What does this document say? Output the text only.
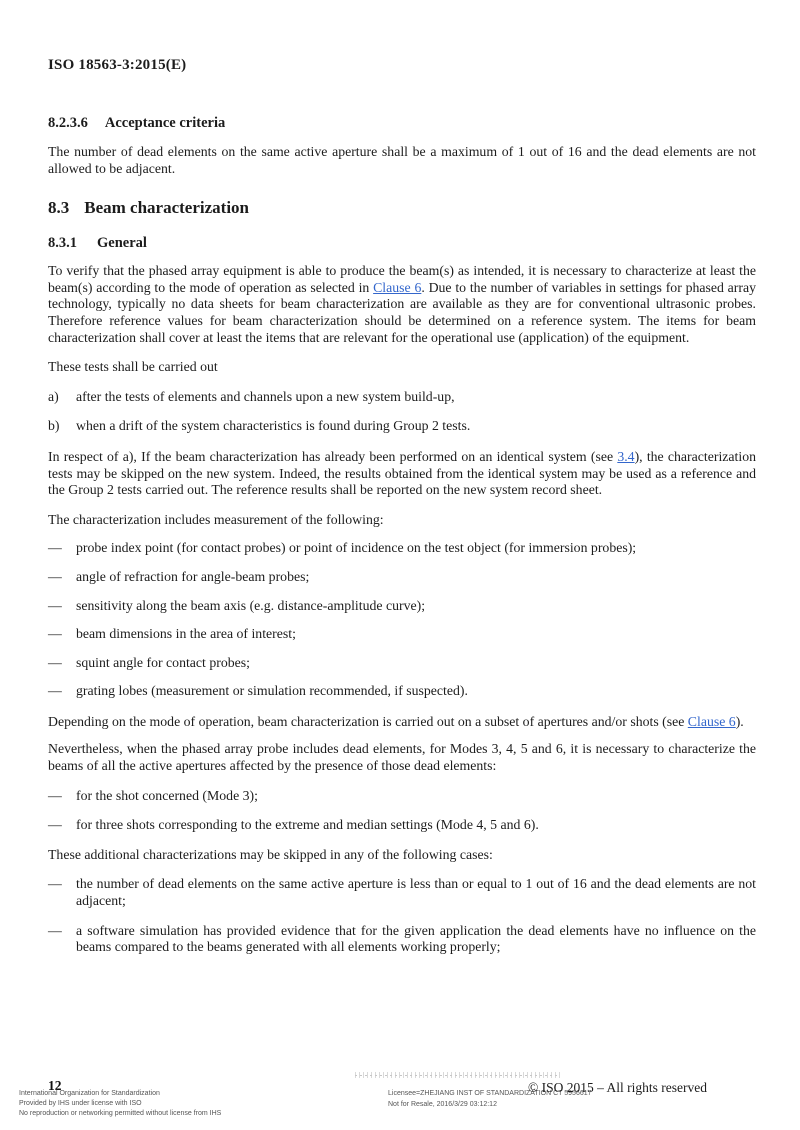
ISO 18563-3:2015(E)
8.2.3.6 Acceptance criteria

The number of dead elements on the same active aperture shall be a maximum of 1 out of 16 and the dead elements are not allowed to be adjacent.

8.3 Beam characterization
8.3.1 General

To verify that the phased array equipment is able to produce the beam(s) as intended, it is necessary to characterize at least the beam(s) according to the mode of operation as selected in Clause 6. Due to the number of variables in settings for phased array technology, typically no data sheets for beam characterization are available as they are for conventional ultrasonic probes. Therefore reference values for beam characterization should be determined on a reference system. The items for beam characterization shall cover at least the items that are relevant for the operational use (application) of the equipment.

These tests shall be carried out

a)	after the tests of elements and channels upon a new system build-up,
b)	when a drift of the system characteristics is found during Group 2 tests.

In respect of a), If the beam characterization has already been performed on an identical system (see 3.4), the characterization tests may be skipped on the new system. Indeed, the results obtained from the identical system may be used as a reference and the Group 2 tests carried out. The reference results shall be reported on the new system record sheet.

The characterization includes measurement of the following:

—	probe index point (for contact probes) or point of incidence on the test object (for immersion probes);
—	angle of refraction for angle-beam probes;
—	sensitivity along the beam axis (e.g. distance-amplitude curve);
—	beam dimensions in the area of interest;
—	squint angle for contact probes;
—	grating lobes (measurement or simulation recommended, if suspected).

Depending on the mode of operation, beam characterization is carried out on a subset of apertures and/or shots (see Clause 6).

Nevertheless, when the phased array probe includes dead elements, for Modes 3, 4, 5 and 6, it is necessary to characterize the beams of all the active apertures affected by the presence of those dead elements:

—	for the shot concerned (Mode 3);
—	for three shots corresponding to the extreme and median settings (Mode 4, 5 and 6).

These additional characterizations may be skipped in any of the following cases:

—	the number of dead elements on the same active aperture is less than or equal to 1 out of 16 and the dead elements are not adjacent;
—	a software simulation has provided evidence that for the given application the dead elements have no influence on the beams compared to the beams generated with all elements working properly;
12
International Organization for Standardization
Provided by IHS under license with ISO
No reproduction or networking permitted without license from IHS
Licensee=ZHEJIANG INST OF STANDARDIZATION CT 5956617
Not for Resale, 2016/3/29 03:12:12
© ISO 2015 – All rights reserved
